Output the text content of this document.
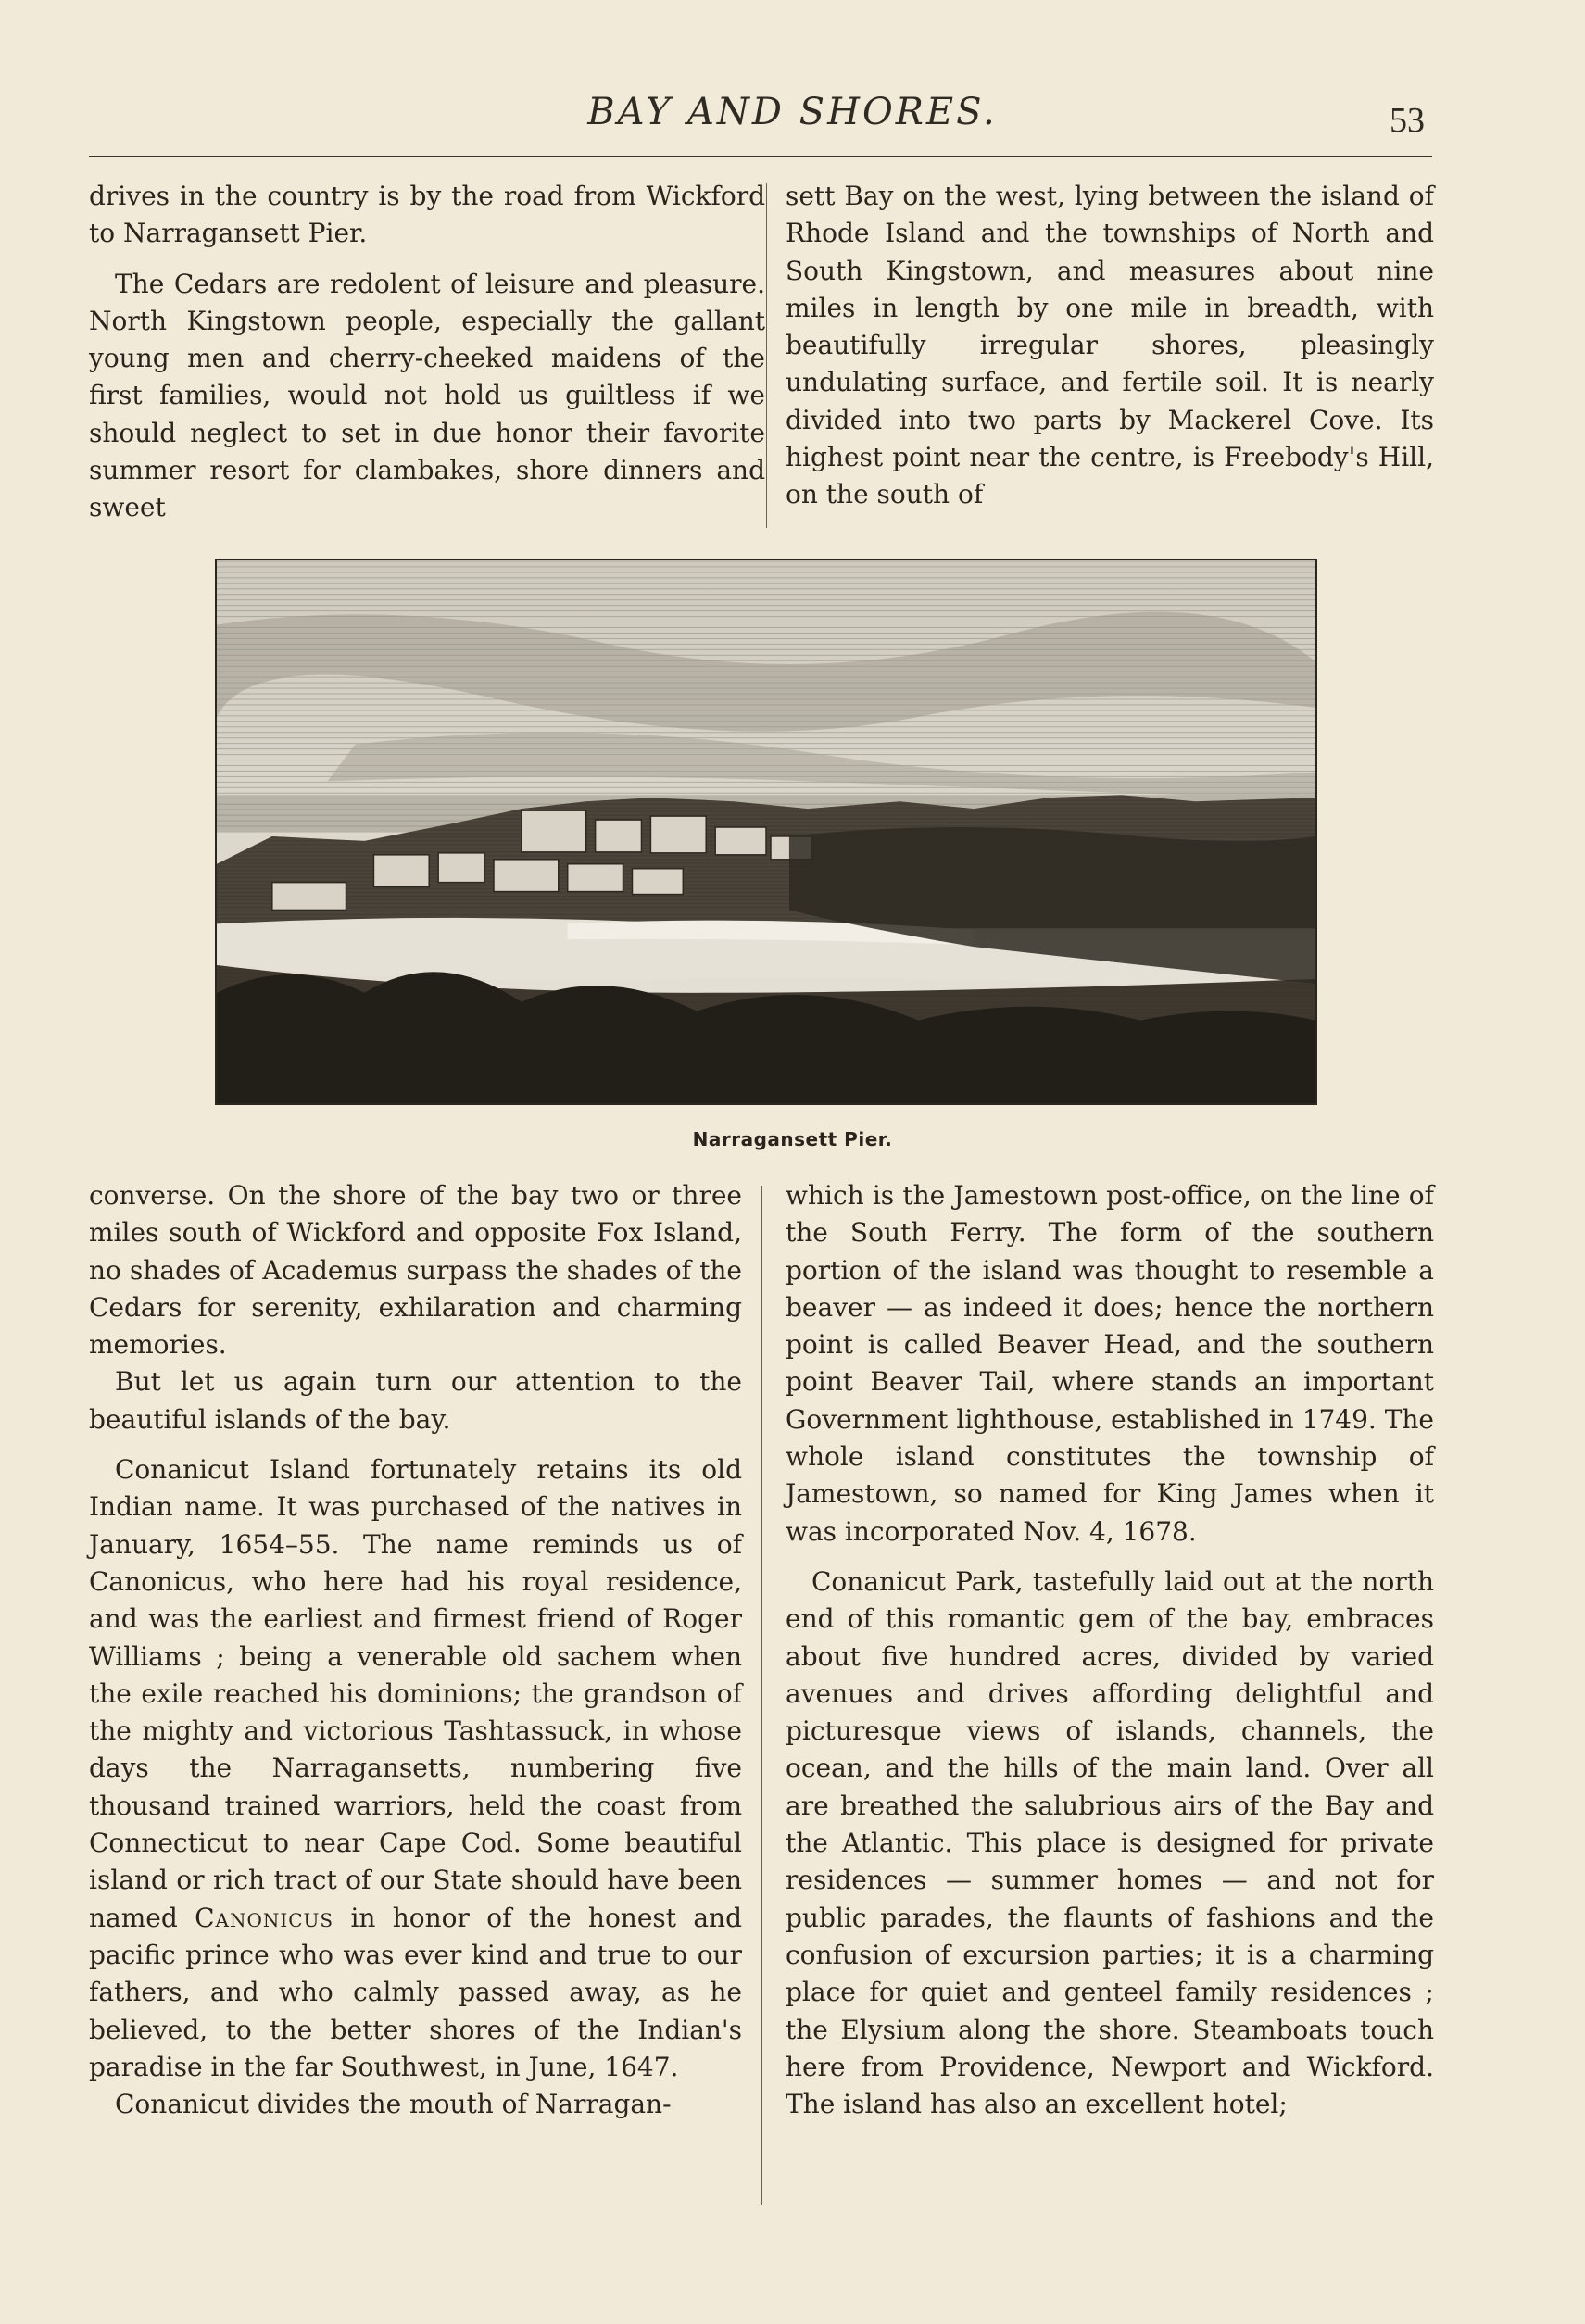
BAY AND SHORES.	53

drives in the country is by the road from Wickford to Narragansett Pier.

The Cedars are redolent of leisure and pleasure. North Kingstown people, especially the gallant young men and cherry-cheeked maidens of the first families, would not hold us guiltless if we should neglect to set in due honor their favorite summer resort for clambakes, shore dinners and sweet

sett Bay on the west, lying between the island of Rhode Island and the townships of North and South Kingstown, and measures about nine miles in length by one mile in breadth, with beautifully irregular shores, pleasingly undulating surface, and fertile soil. It is nearly divided into two parts by Mackerel Cove. Its highest point near the centre, is Freebody's Hill, on the south of

Narragansett Pier.

converse. On the shore of the bay two or three miles south of Wickford and opposite Fox Island, no shades of Academus surpass the shades of the Cedars for serenity, exhilaration and charming memories.

But let us again turn our attention to the beautiful islands of the bay.

Conanicut Island fortunately retains its old Indian name. It was purchased of the natives in January, 1654–55. The name reminds us of Canonicus, who here had his royal residence, and was the earliest and firmest friend of Roger Williams ; being a venerable old sachem when the exile reached his dominions; the grandson of the mighty and victorious Tashtassuck, in whose days the Narragansetts, numbering five thousand trained warriors, held the coast from Connecticut to near Cape Cod. Some beautiful island or rich tract of our State should have been named Canonicus in honor of the honest and pacific prince who was ever kind and true to our fathers, and who calmly passed away, as he believed, to the better shores of the Indian's paradise in the far Southwest, in June, 1647.

Conanicut divides the mouth of Narragan-

which is the Jamestown post-office, on the line of the South Ferry. The form of the southern portion of the island was thought to resemble a beaver — as indeed it does; hence the northern point is called Beaver Head, and the southern point Beaver Tail, where stands an important Government lighthouse, established in 1749. The whole island constitutes the township of Jamestown, so named for King James when it was incorporated Nov. 4, 1678.

Conanicut Park, tastefully laid out at the north end of this romantic gem of the bay, embraces about five hundred acres, divided by varied avenues and drives affording delightful and picturesque views of islands, channels, the ocean, and the hills of the main land. Over all are breathed the salubrious airs of the Bay and the Atlantic. This place is designed for private residences — summer homes — and not for public parades, the flaunts of fashions and the confusion of excursion parties; it is a charming place for quiet and genteel family residences ; the Elysium along the shore. Steamboats touch here from Providence, Newport and Wickford. The island has also an excellent hotel;
